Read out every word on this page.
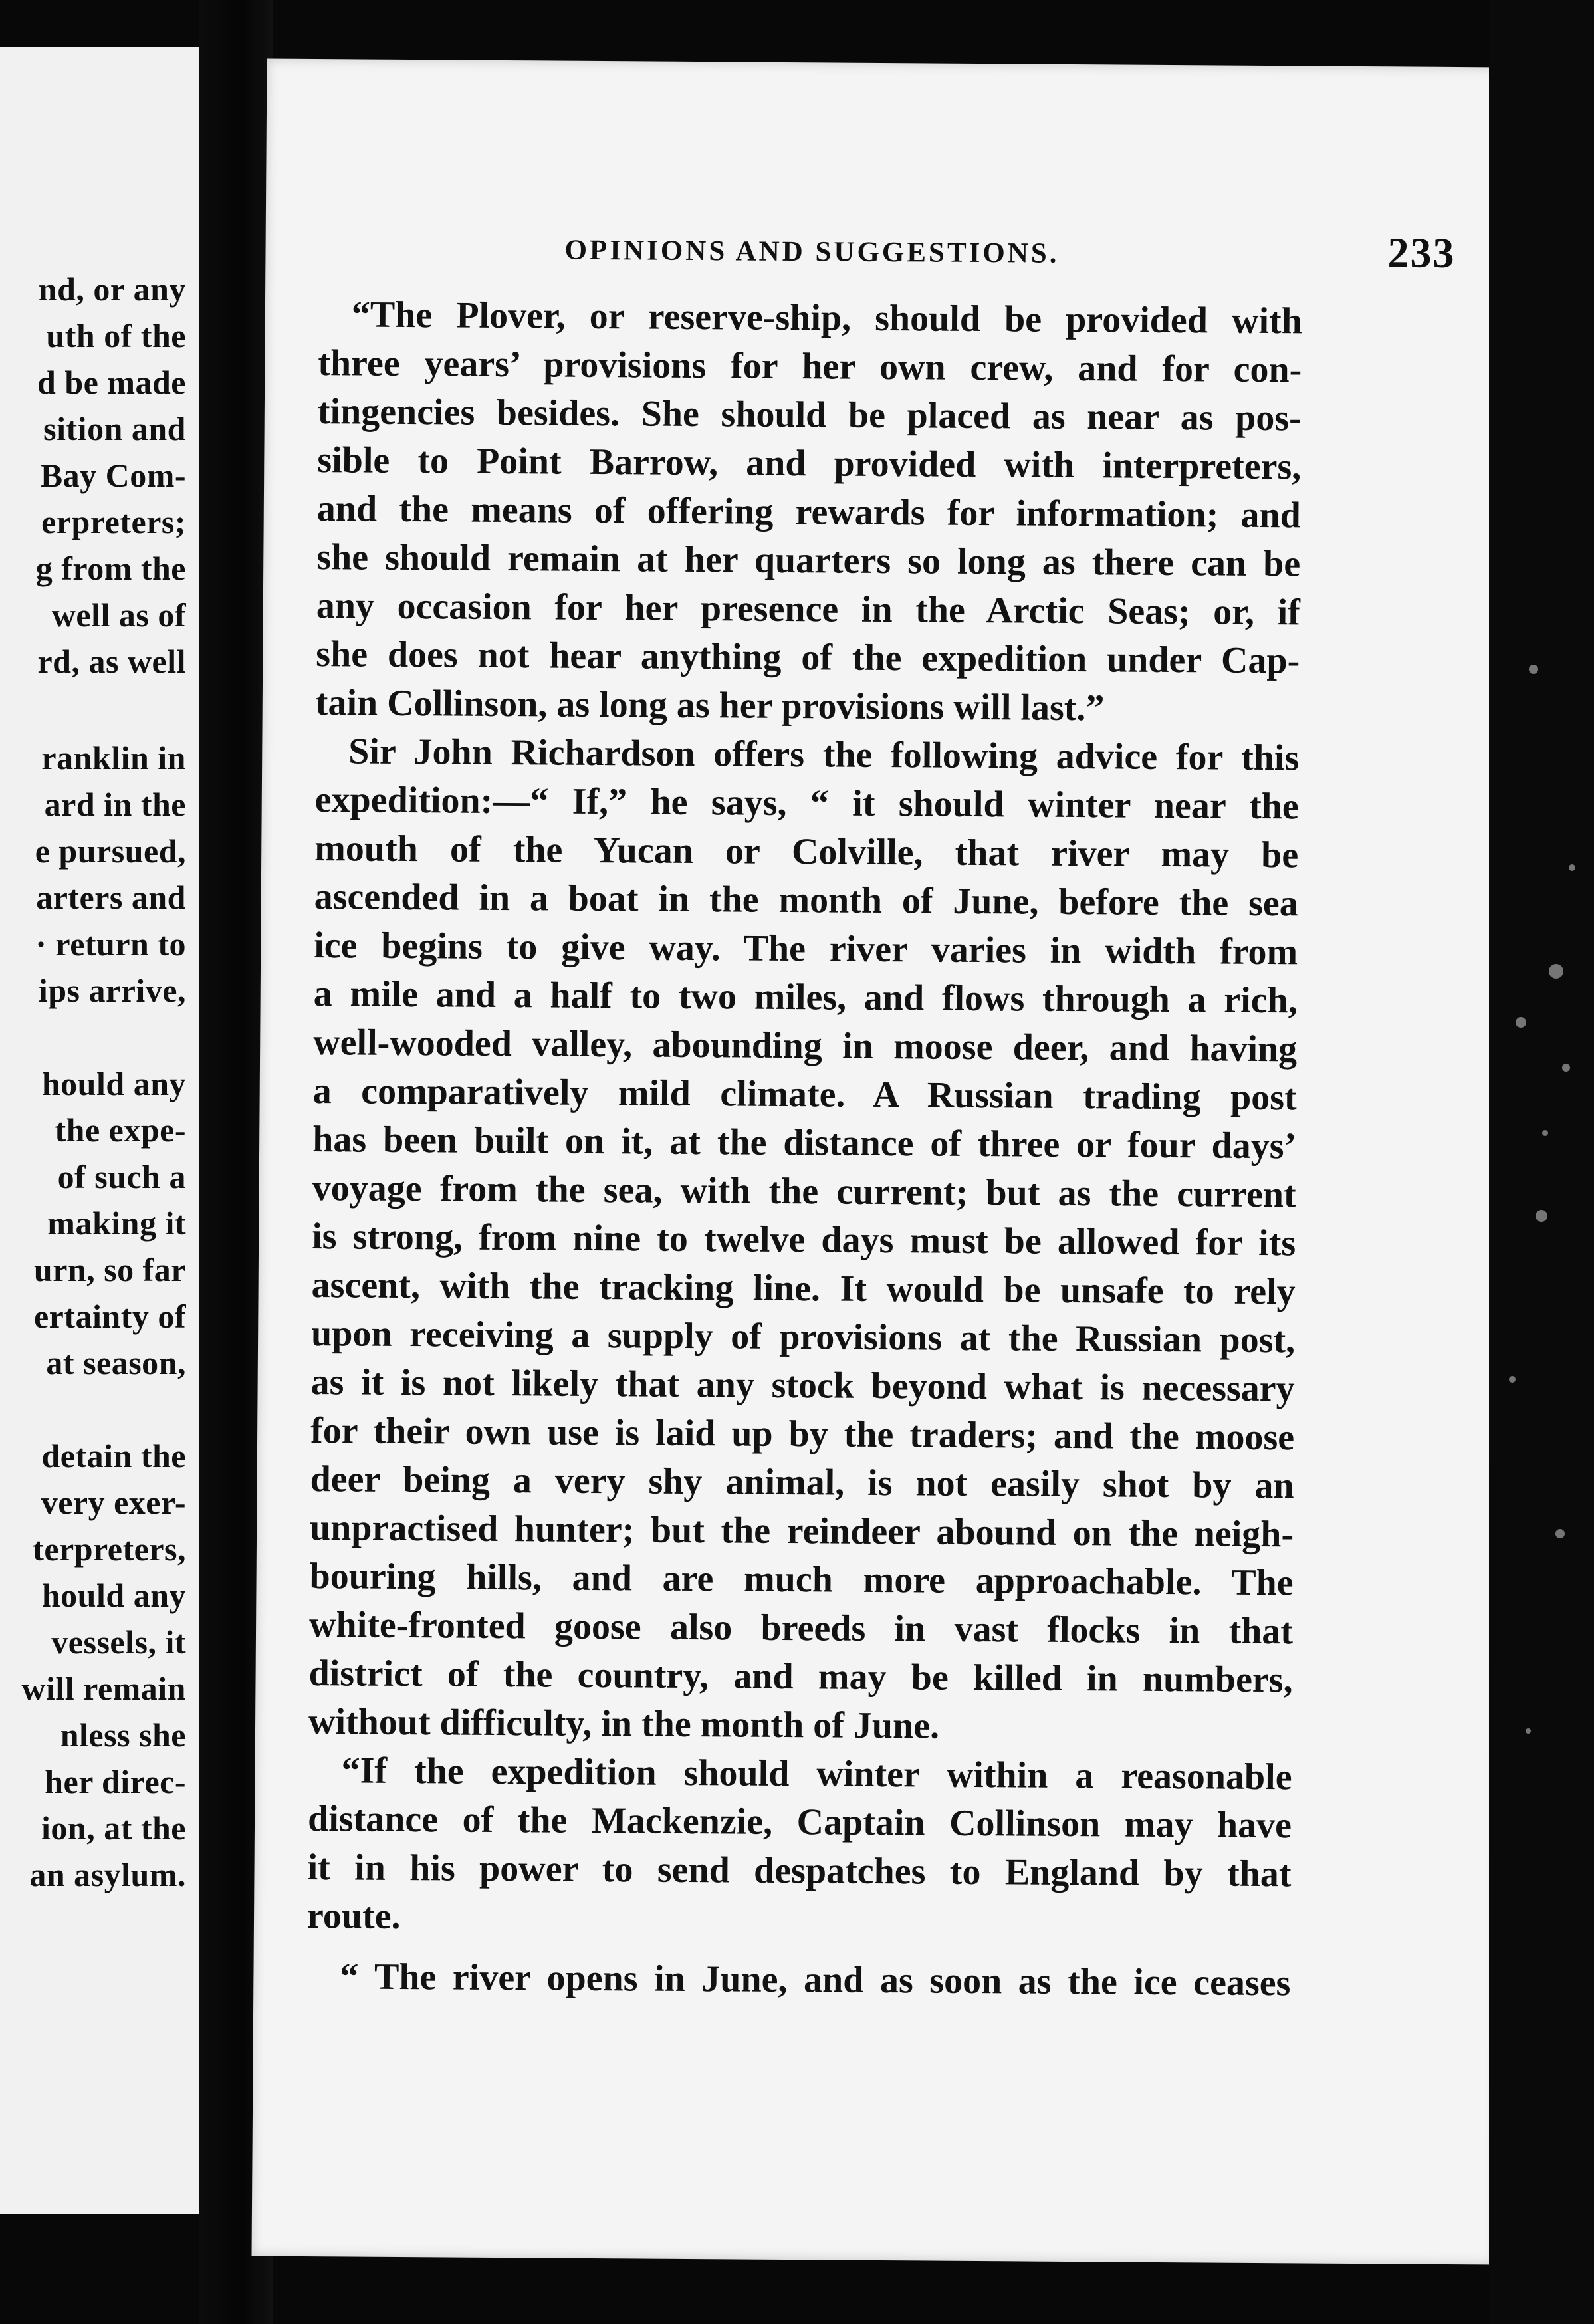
nd, or any
uth of the
d be made
sition and
Bay Com-
erpreters;
g from the
well as of
rd, as well
ranklin in
ard in the
e pursued,
arters and
· return to
ips arrive,
hould any
the expe-
of such a
making it
urn, so far
ertainty of
at season,
detain the
very exer-
terpreters,
hould any
vessels, it
will remain
nless she
her direc-
ion, at the
an asylum.
OPINIONS AND SUGGESTIONS.	233
“The Plover, or reserve-ship, should be provided with
three years’ provisions for her own crew, and for con-
tingencies besides. She should be placed as near as pos-
sible to Point Barrow, and provided with interpreters,
and the means of offering rewards for information; and
she should remain at her quarters so long as there can be
any occasion for her presence in the Arctic Seas; or, if
she does not hear anything of the expedition under Cap-
tain Collinson, as long as her provisions will last.”
Sir John Richardson offers the following advice for this
expedition:—“ If,” he says, “ it should winter near the
mouth of the Yucan or Colville, that river may be
ascended in a boat in the month of June, before the sea
ice begins to give way. The river varies in width from
a mile and a half to two miles, and flows through a rich,
well-wooded valley, abounding in moose deer, and having
a comparatively mild climate. A Russian trading post
has been built on it, at the distance of three or four days’
voyage from the sea, with the current; but as the current
is strong, from nine to twelve days must be allowed for its
ascent, with the tracking line. It would be unsafe to rely
upon receiving a supply of provisions at the Russian post,
as it is not likely that any stock beyond what is necessary
for their own use is laid up by the traders; and the moose
deer being a very shy animal, is not easily shot by an
unpractised hunter; but the reindeer abound on the neigh-
bouring hills, and are much more approachable. The
white-fronted goose also breeds in vast flocks in that
district of the country, and may be killed in numbers,
without difficulty, in the month of June.
“If the expedition should winter within a reasonable
distance of the Mackenzie, Captain Collinson may have
it in his power to send despatches to England by that
route.
“ The river opens in June, and as soon as the ice ceases
